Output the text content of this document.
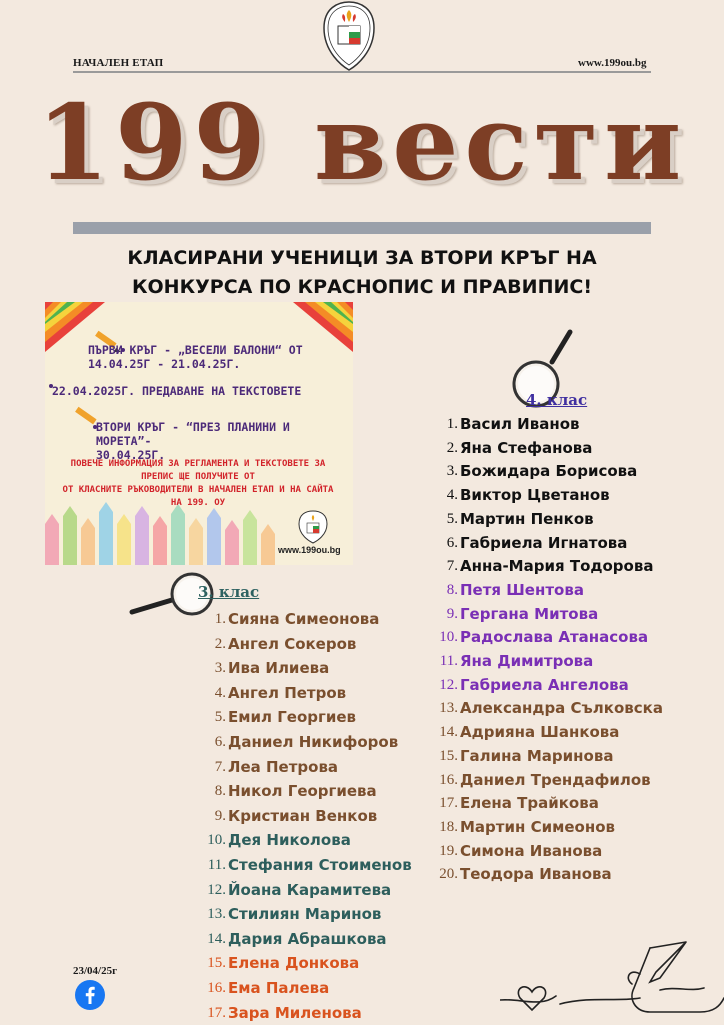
НАЧАЛЕН ЕТАП	www.199ou.bg
199 вести
КЛАСИРАНИ УЧЕНИЦИ ЗА ВТОРИ КРЪГ НА
КОНКУРСА ПО КРАСНОПИС И ПРАВИПИС!
ПЪРВИ КРЪГ - „ВЕСЕЛИ БАЛОНИ“ ОТ
14.04.25Г - 21.04.25Г.
22.04.2025Г. ПРЕДАВАНЕ НА ТЕКСТОВЕТЕ
ВТОРИ КРЪГ - “ПРЕЗ ПЛАНИНИ И МОРЕТА”-
30.04.25Г.
ПОВЕЧЕ ИНФОРМАЦИЯ ЗА РЕГЛАМЕНТА И ТЕКСТОВЕТЕ ЗА
ПРЕПИС ЩЕ ПОЛУЧИТЕ ОТ
ОТ КЛАСНИТЕ РЪКОВОДИТЕЛИ В НАЧАЛЕН ЕТАП И НА САЙТА
НА 199. ОУ
www.199ou.bg
4. клас
3. клас
1. Васил Иванов
2. Яна Стефанова
3. Божидара Борисова
4. Виктор Цветанов
5. Мартин Пенков
6. Габриела Игнатова
7. Анна-Мария Тодорова
8. Петя Шентова
9. Гергана Митова
10. Радослава Атанасова
11. Яна Димитрова
12. Габриела Ангелова
13. Александра Сълковска
14. Адрияна Шанкова
15. Галина Маринова
16. Даниел Трендафилов
17. Елена Трайкова
18. Мартин Симеонов
19. Симона Иванова
20. Теодора Иванова
1. Сияна Симеонова
2. Ангел Сокеров
3. Ива Илиева
4. Ангел Петров
5. Емил Георгиев
6. Даниел Никифоров
7. Леа Петрова
8. Никол Георгиева
9. Кристиан Венков
10. Дея Николова
11. Стефания Стоименов
12. Йоана Карамитева
13. Стилиян Маринов
14. Дария Абрашкова
15. Елена Донкова
16. Ема Палева
17. Зара Миленова
23/04/25г
